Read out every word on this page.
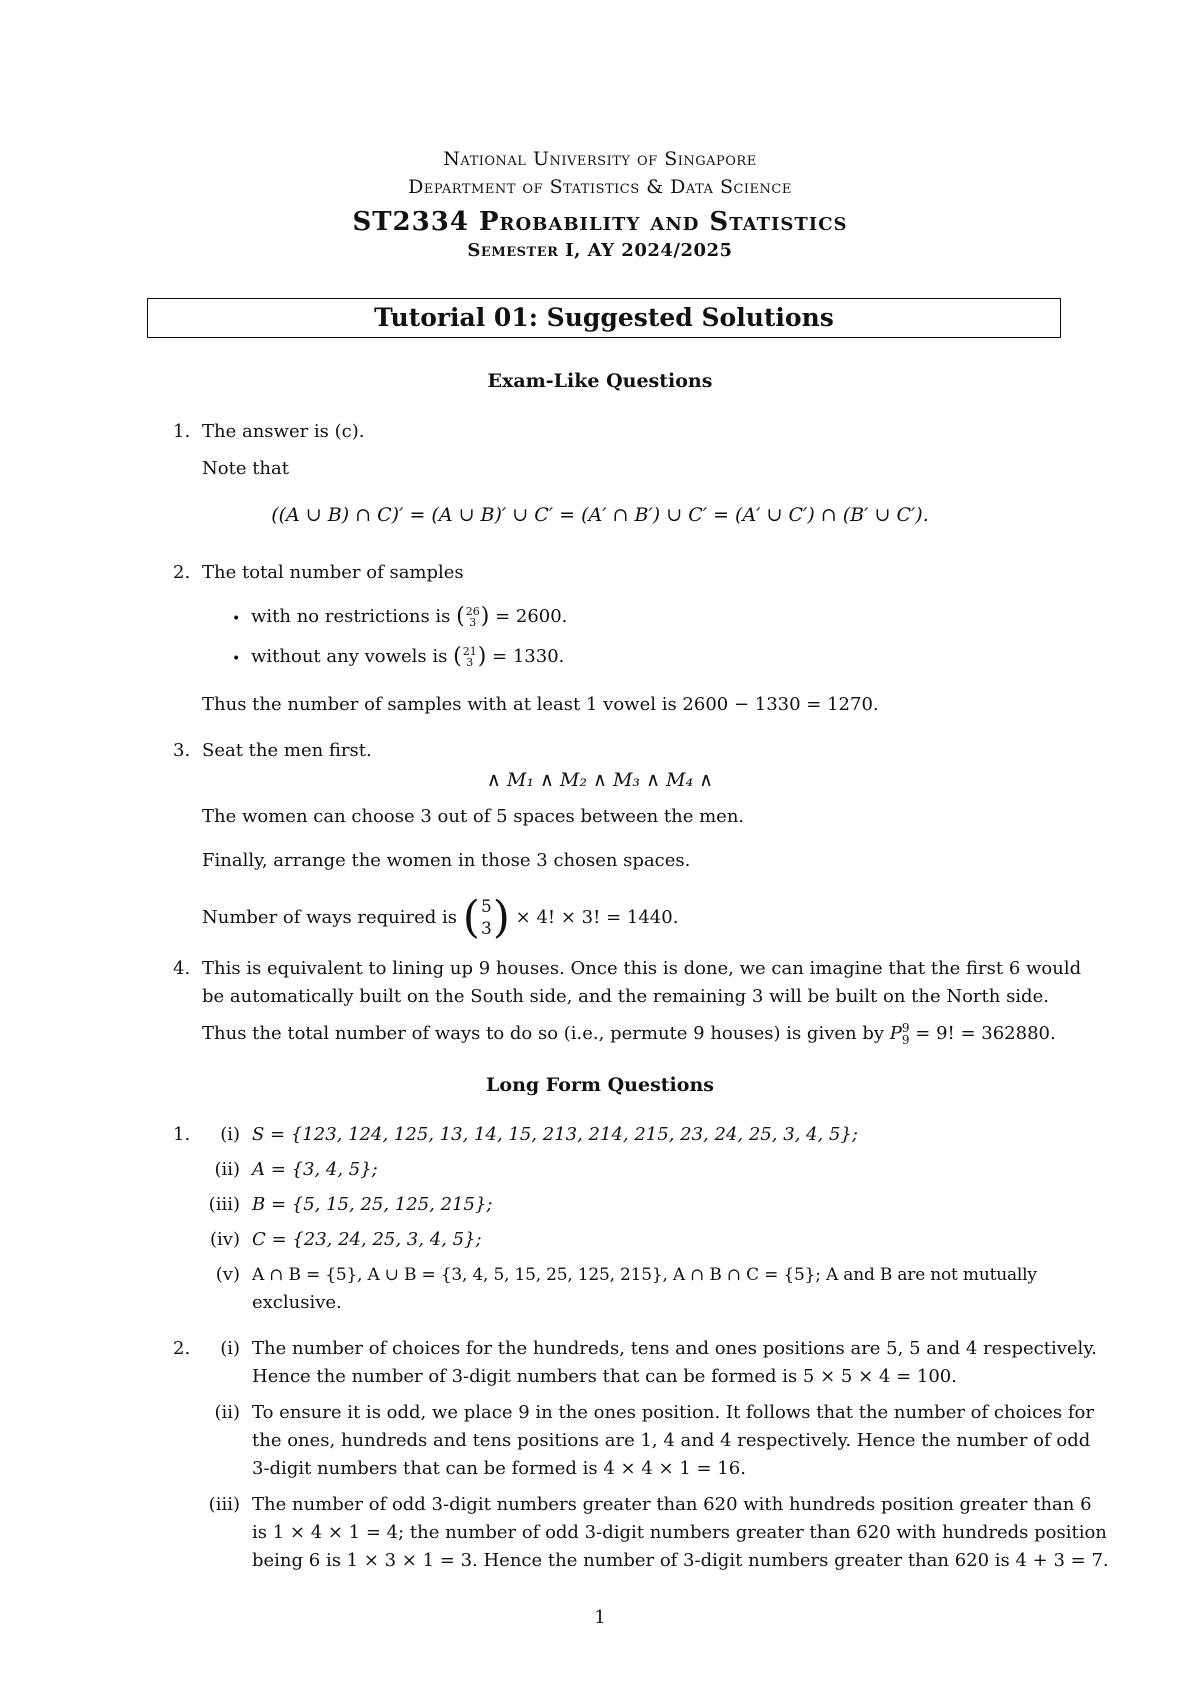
National University of Singapore
Department of Statistics & Data Science
ST2334 Probability and Statistics
Semester I, AY 2024/2025
Tutorial 01: Suggested Solutions
Exam-Like Questions
1. The answer is (c).
Note that
((A ∪ B) ∩ C)′ = (A ∪ B)′ ∪ C′ = (A′ ∩ B′) ∪ C′ = (A′ ∪ C′) ∩ (B′ ∪ C′).
2. The total number of samples
• with no restrictions is ( 26
3 ) = 2600.
• without any vowels is ( 21
3 ) = 1330.
Thus the number of samples with at least 1 vowel is 2600 − 1330 = 1270.
3. Seat the men first.
∧ M₁ ∧ M₂ ∧ M₃ ∧ M₄ ∧
The women can choose 3 out of 5 spaces between the men.
Finally, arrange the women in those 3 chosen spaces.
Number of ways required is
( 5
3 )
× 4! × 3! = 1440.
4. This is equivalent to lining up 9 houses. Once this is done, we can imagine that the first 6 would
be automatically built on the South side, and the remaining 3 will be built on the North side.
Thus the total number of ways to do so (i.e., permute 9 houses) is given by P 9
9 = 9! = 362880.
Long Form Questions
1.	(i) S = {123, 124, 125, 13, 14, 15, 213, 214, 215, 23, 24, 25, 3, 4, 5};
(ii) A = {3, 4, 5};
(iii) B = {5, 15, 25, 125, 215};
(iv) C = {23, 24, 25, 3, 4, 5};
(v) A ∩ B = {5}, A ∪ B = {3, 4, 5, 15, 25, 125, 215}, A ∩ B ∩ C = {5}; A and B are not mutually
exclusive.
2.	(i) The number of choices for the hundreds, tens and ones positions are 5, 5 and 4 respectively.
Hence the number of 3-digit numbers that can be formed is 5 × 5 × 4 = 100.
(ii) To ensure it is odd, we place 9 in the ones position. It follows that the number of choices for
the ones, hundreds and tens positions are 1, 4 and 4 respectively. Hence the number of odd
3-digit numbers that can be formed is 4 × 4 × 1 = 16.
(iii) The number of odd 3-digit numbers greater than 620 with hundreds position greater than 6
is 1 × 4 × 1 = 4; the number of odd 3-digit numbers greater than 620 with hundreds position
being 6 is 1 × 3 × 1 = 3. Hence the number of 3-digit numbers greater than 620 is 4 + 3 = 7.
1
